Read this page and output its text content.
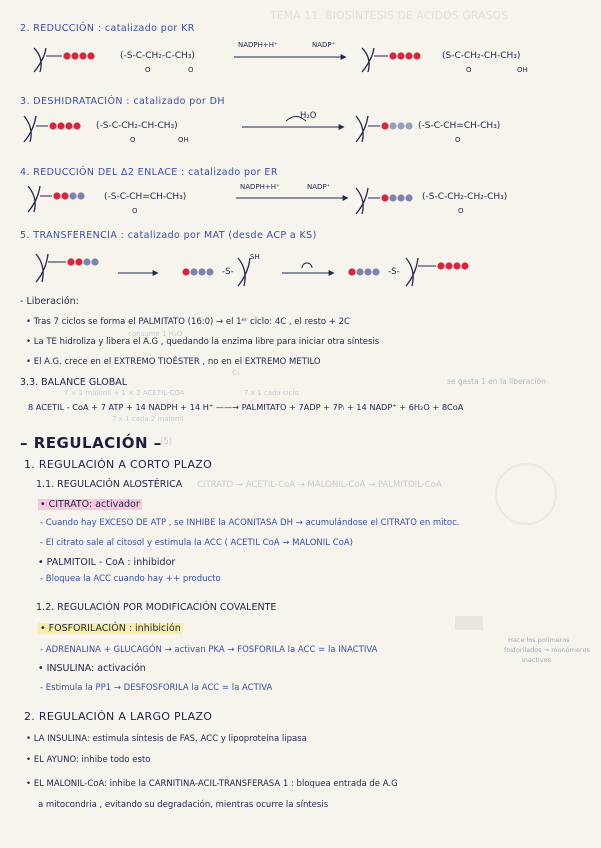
TEMA 11. BIOSÍNTESIS DE ÁCIDOS GRASOS
2. REDUCCIÓN : catalizado por KR
(-S-C-CH₂-C-CH₃)
NADPH+H⁺	NADP⁺
(S-C-CH₂-CH-CH₃)
O	O	O	OH
3. DESHIDRATACIÓN : catalizado por DH
(-S-C-CH₂-CH-CH₃)
H₂O
(-S-C-CH=CH-CH₃)
O	OH	O
4. REDUCCIÓN DEL ∆2 ENLACE : catalizado por ER
(-S-C-CH=CH-CH₃)
NADPH+H⁺	NADP⁺
(-S-C-CH₂-CH₂-CH₃)
O	O
5. TRANSFERENCIA : catalizado por MAT (desde ACP a KS)
SH
-S-	-S-
- Liberación:
• Tras 7 ciclos se forma el PALMITATO (16:0) → el 1ᵉʳ ciclo: 4C , el resto + 2C
consume 1 H₂O
• La TE hidroliza y libera el A.G , quedando la enzima libre para iniciar otra síntesis
• El A.G. crece en el EXTREMO TIOÉSTER , no en el EXTREMO METILO
C₁
3.3. BALANCE GLOBAL	se gasta 1 en la liberación
7 × 1 malonil + 1 × 2 ACETIL-COA	7 x 1 cada ciclo
8 ACETIL - CoA + 7 ATP + 14 NADPH + 14 H⁺ ——→ PALMITATO + 7ADP + 7Pᵢ + 14 NADP⁺ + 6H₂O + 8CoA
7 x 1 cada 2 malonil
– REGULACIÓN –
(5)
1. REGULACIÓN A CORTO PLAZO
1.1. REGULACIÓN ALOSTÉRICA CITRATO → ACETIL-CoA → MALONIL-CoA → PALMITOIL-CoA
• CITRATO: activador
- Cuando hay EXCESO DE ATP , se INHIBE la ACONITASA DH → acumulándose el CITRATO en mitoc.
- El citrato sale al citosol y estimula la ACC ( ACETIL CoA → MALONIL CoA)
• PALMITOIL - CoA : inhibidor
- Bloquea la ACC cuando hay ++ producto
1.2. REGULACIÓN POR MODIFICACIÓN COVALENTE
• FOSFORILACIÓN : inhibición
- ADRENALINA + GLUCAGÓN → activan PKA → FOSFORILA la ACC = la INACTIVA
Hace los polímeros
fosforilados → monómeros
inactivos
• INSULINA: activación
- Estimula la PP1 → DESFOSFORILA la ACC = la ACTIVA
2. REGULACIÓN A LARGO PLAZO
• LA INSULINA: estimula síntesis de FAS, ACC y lipoproteína lipasa
• EL AYUNO: inhibe todo esto
• EL MALONIL-CoA: inhibe la CARNITINA-ACIL-TRANSFERASA 1 : bloquea entrada de A.G
a mitocondria , evitando su degradación, mientras ocurre la síntesis
